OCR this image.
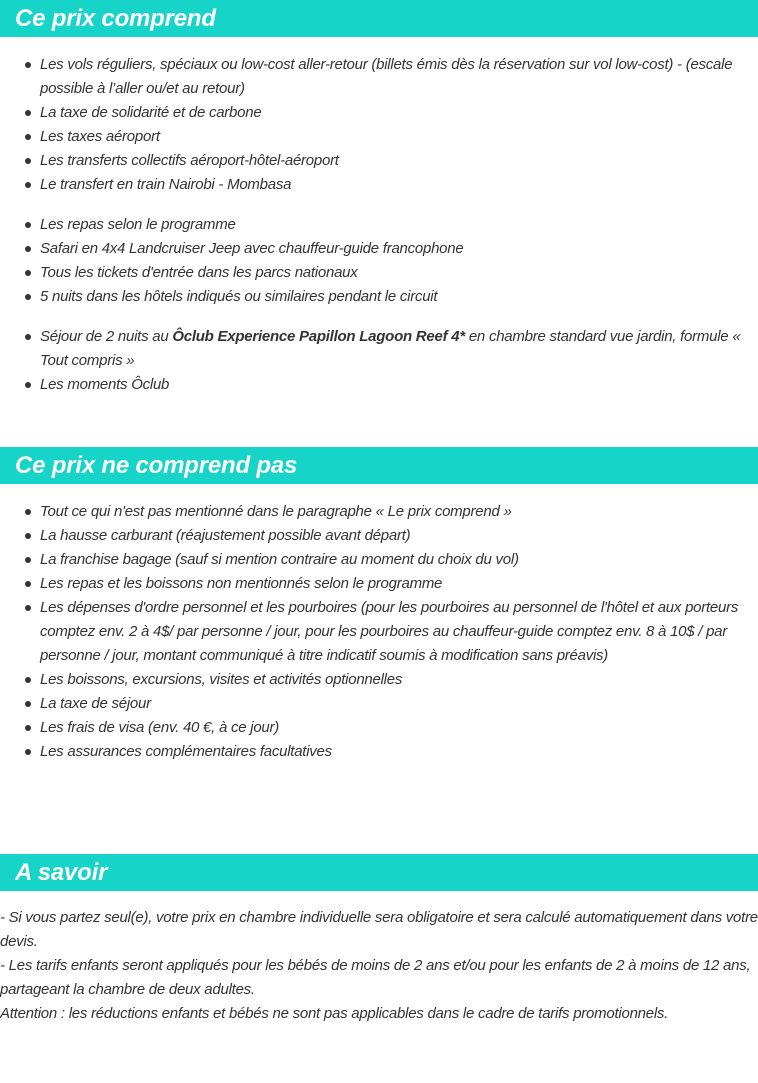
Ce prix comprend
Les vols réguliers, spéciaux ou low-cost aller-retour (billets émis dès la réservation sur vol low-cost) - (escale possible à l’aller ou/et au retour)
La taxe de solidarité et de carbone
Les taxes aéroport
Les transferts collectifs aéroport-hôtel-aéroport
Le transfert en train Nairobi - Mombasa
Les repas selon le programme
Safari en 4x4 Landcruiser Jeep avec chauffeur-guide francophone
Tous les tickets d'entrée dans les parcs nationaux
5 nuits dans les hôtels indiqués ou similaires pendant le circuit
Séjour de 2 nuits au Ôclub Experience Papillon Lagoon Reef 4* en chambre standard vue jardin, formule « Tout compris »
Les moments Ôclub
Ce prix ne comprend pas
Tout ce qui n'est pas mentionné dans le paragraphe « Le prix comprend »
La hausse carburant (réajustement possible avant départ)
La franchise bagage (sauf si mention contraire au moment du choix du vol)
Les repas et les boissons non mentionnés selon le programme
Les dépenses d'ordre personnel et les pourboires (pour les pourboires au personnel de l'hôtel et aux porteurs comptez env. 2 à 4$/ par personne / jour, pour les pourboires au chauffeur-guide comptez env. 8 à 10$ / par personne / jour, montant communiqué à titre indicatif soumis à modification sans préavis)
Les boissons, excursions, visites et activités optionnelles
La taxe de séjour
Les frais de visa (env. 40 €, à ce jour)
Les assurances complémentaires facultatives
A savoir

- Si vous partez seul(e), votre prix en chambre individuelle sera obligatoire et sera calculé automatiquement dans votre devis.

- Les tarifs enfants seront appliqués pour les bébés de moins de 2 ans et/ou pour les enfants de 2 à moins de 12 ans, partageant la chambre de deux adultes.

Attention : les réductions enfants et bébés ne sont pas applicables dans le cadre de tarifs promotionnels.
